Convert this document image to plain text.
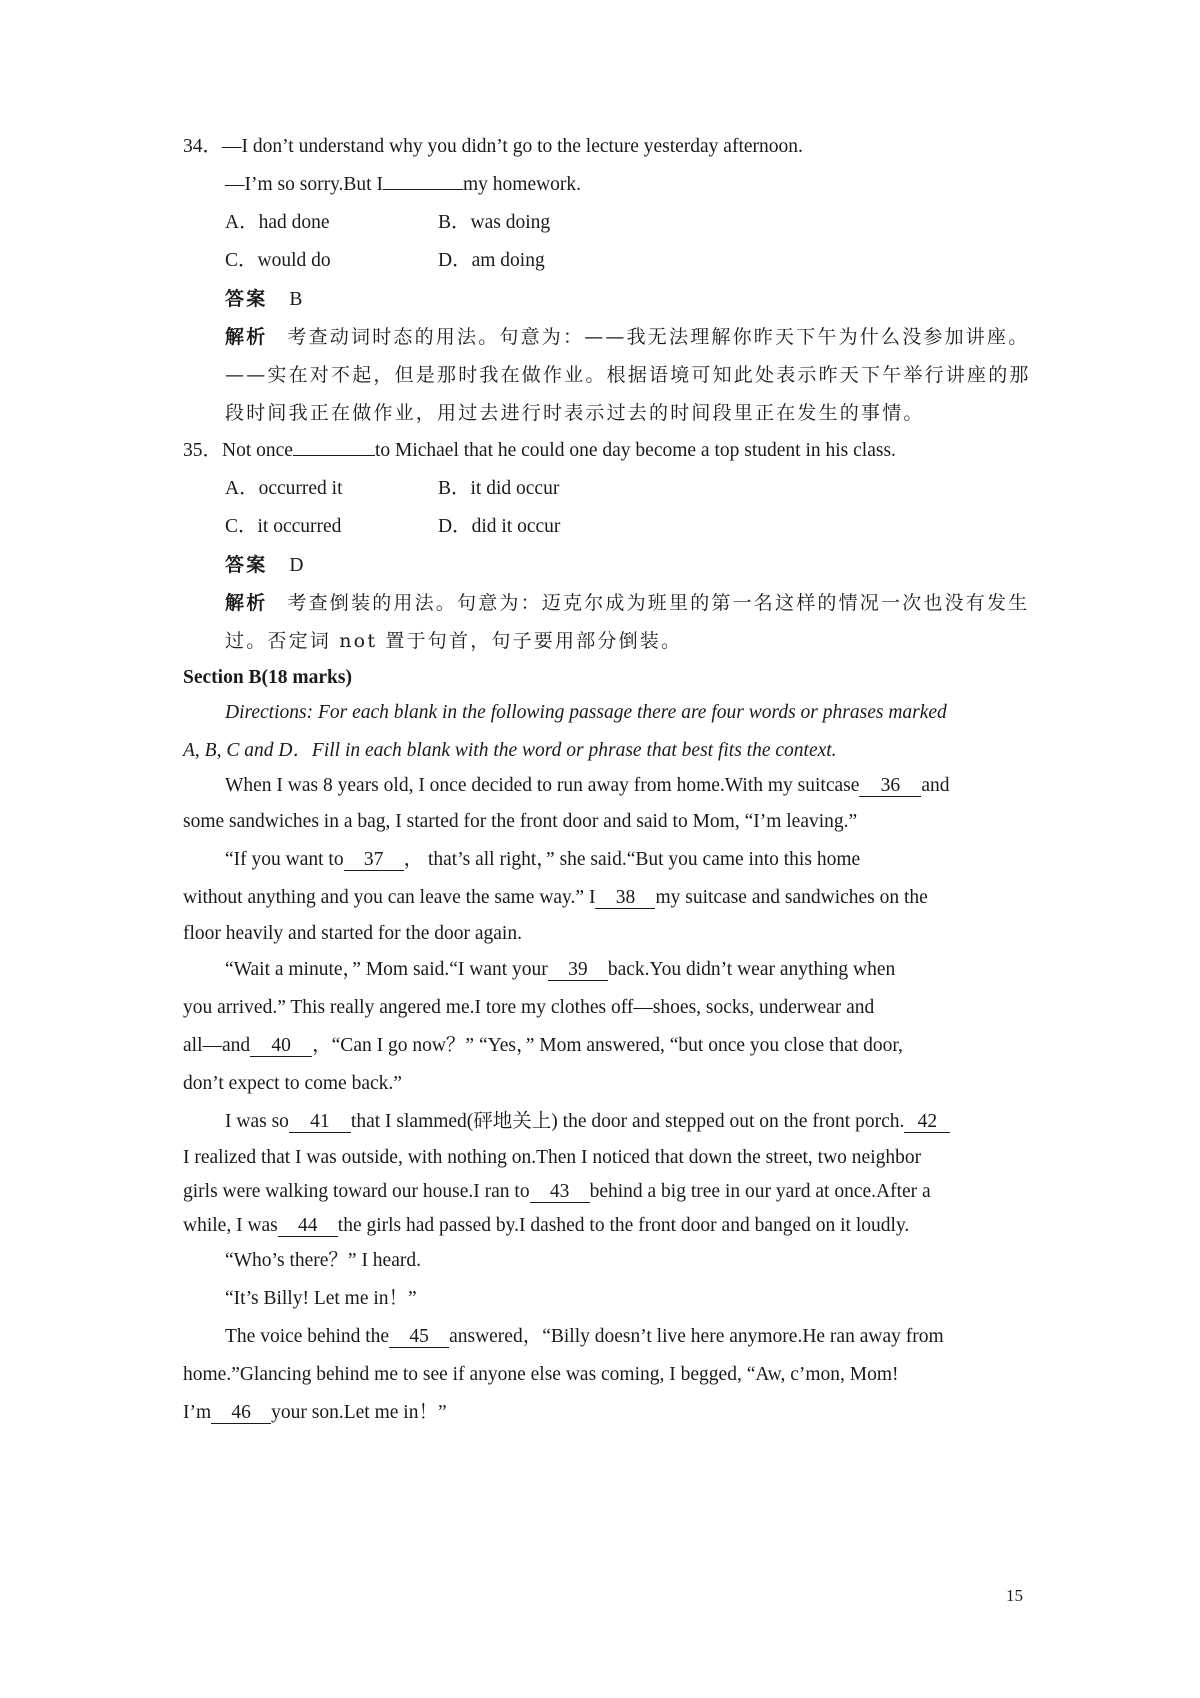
34．—I don’t understand why you didn’t go to the lecture yesterday afternoon.
—I’m so sorry.But I	my homework.
A．had done	B．was doing
C．would do	D．am doing
答案 B
解析 考查动词时态的用法。句意为：——我无法理解你昨天下午为什么没参加讲座。
——实在对不起，但是那时我在做作业。根据语境可知此处表示昨天下午举行讲座的那
段时间我正在做作业，用过去进行时表示过去的时间段里正在发生的事情。
35．Not once	to Michael that he could one day become a top student in his class.
A．occurred it	B．it did occur
C．it occurred	D．did it occur
答案 D
解析 考查倒装的用法。句意为：迈克尔成为班里的第一名这样的情况一次也没有发生
过。否定词 not 置于句首，句子要用部分倒装。
Section B(18 marks)
Directions: For each blank in the following passage there are four words or phrases marked
A, B, C and D．Fill in each blank with the word or phrase that best fits the context.
When I was 8 years old, I once decided to run away from home.With my suitcase 36 and
some sandwiches in a bag, I started for the front door and said to Mom, “I’m leaving.”
“If you want to 37 ， that’s all right，” she said.“But you came into this home
without anything and you can leave the same way.” I 38 my suitcase and sandwiches on the
floor heavily and started for the door again.
“Wait a minute，” Mom said.“I want your 39 back.You didn’t wear anything when
you arrived.” This really angered me.I tore my clothes off—shoes, socks, underwear and
all—and 40 ，“Can I go now？” “Yes，” Mom answered, “but once you close that door,
don’t expect to come back.”
I was so 41 that I slammed(砰地关上) the door and stepped out on the front porch. 42
I realized that I was outside, with nothing on.Then I noticed that down the street, two neighbor
girls were walking toward our house.I ran to 43 behind a big tree in our yard at once.After a
while, I was 44 the girls had passed by.I dashed to the front door and banged on it loudly.
“Who’s there？” I heard.
“It’s Billy! Let me in！”
The voice behind the 45 answered，“Billy doesn’t live here anymore.He ran away from
home.”Glancing behind me to see if anyone else was coming, I begged, “Aw, c’mon, Mom!
I’m 46 your son.Let me in！”
15
